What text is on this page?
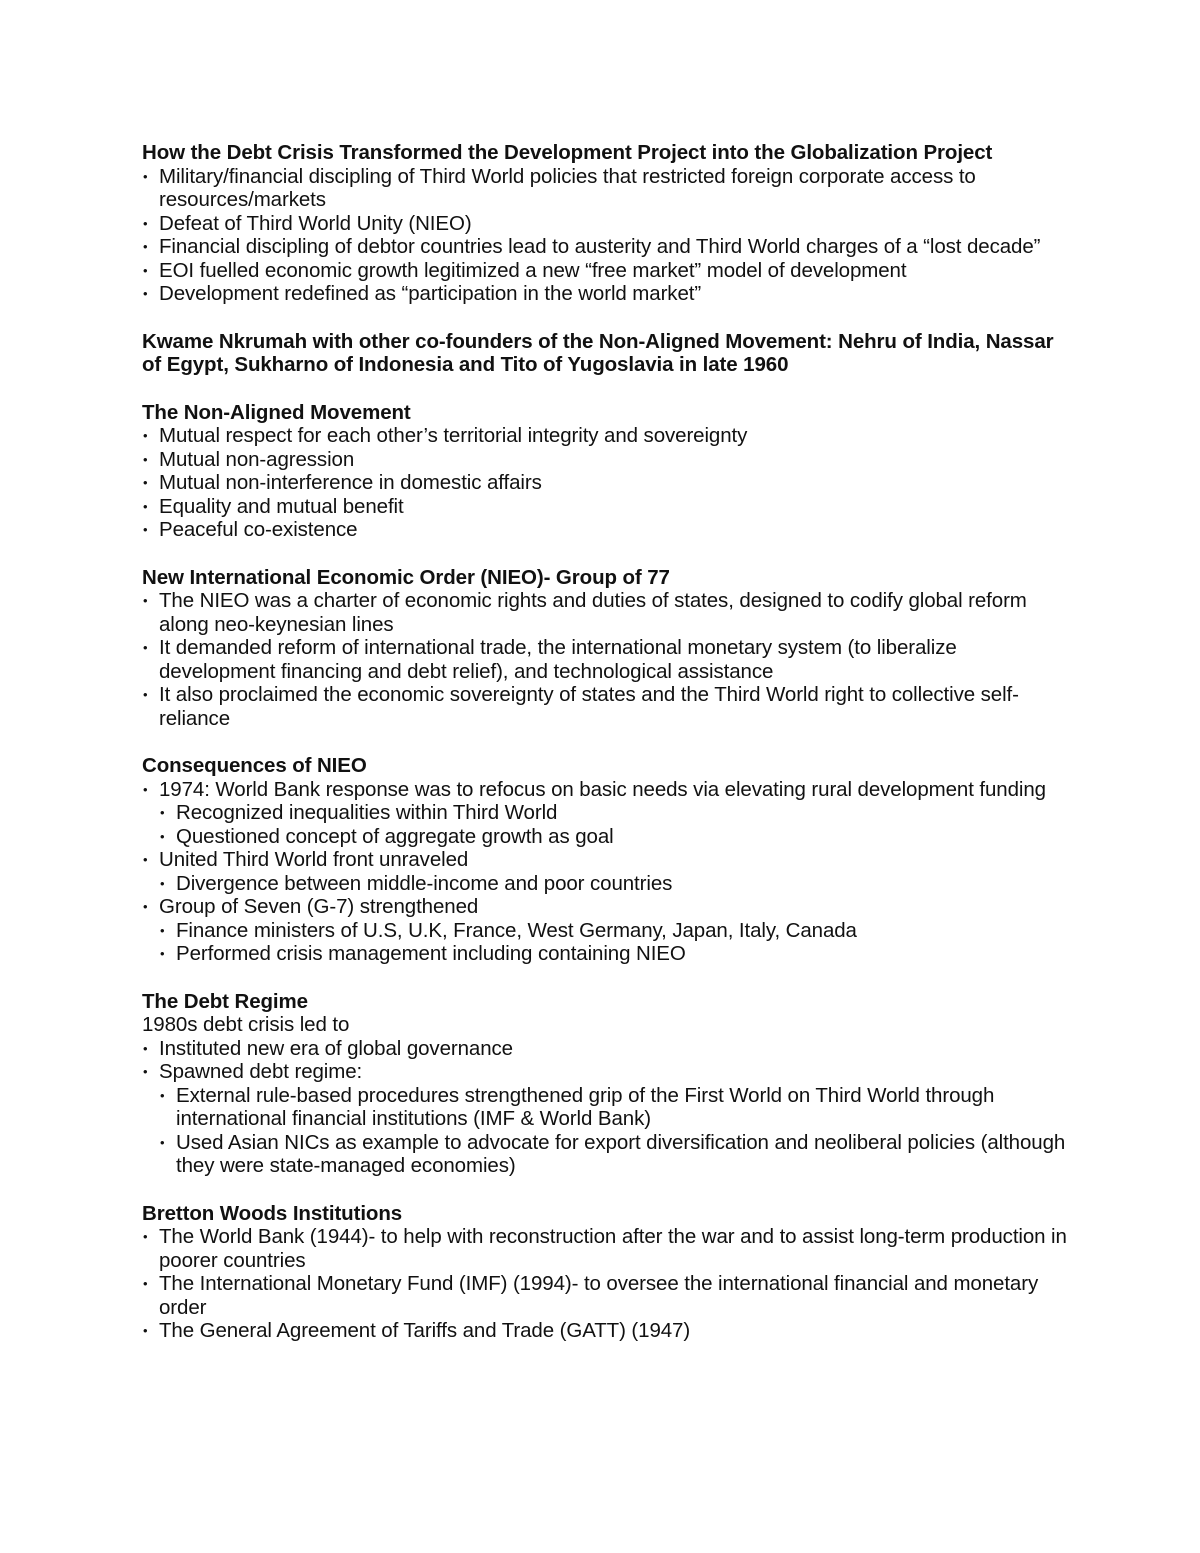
How the Debt Crisis Transformed the Development Project into the Globalization Project

• Military/financial discipling of Third World policies that restricted foreign corporate access to resources/markets
• Defeat of Third World Unity (NIEO)
• Financial discipling of debtor countries lead to austerity and Third World charges of a “lost decade”
• EOI fuelled economic growth legitimized a new “free market” model of development
• Development redefined as “participation in the world market”

Kwame Nkrumah with other co-founders of the Non-Aligned Movement: Nehru of India, Nassar of Egypt, Sukharno of Indonesia and Tito of Yugoslavia in late 1960

The Non-Aligned Movement

• Mutual respect for each other’s territorial integrity and sovereignty
• Mutual non-agression
• Mutual non-interference in domestic affairs
• Equality and mutual benefit
• Peaceful co-existence

New International Economic Order (NIEO)- Group of 77

• The NIEO was a charter of economic rights and duties of states, designed to codify global reform along neo-keynesian lines
• It demanded reform of international trade, the international monetary system (to liberalize development financing and debt relief), and technological assistance
• It also proclaimed the economic sovereignty of states and the Third World right to collective self-reliance

Consequences of NIEO

• 1974: World Bank response was to refocus on basic needs via elevating rural development funding
• Recognized inequalities within Third World
• Questioned concept of aggregate growth as goal
• United Third World front unraveled
• Divergence between middle-income and poor countries
• Group of Seven (G-7) strengthened
• Finance ministers of U.S, U.K, France, West Germany, Japan, Italy, Canada
• Performed crisis management including containing NIEO

The Debt Regime

1980s debt crisis led to

• Instituted new era of global governance
• Spawned debt regime:
• External rule-based procedures strengthened grip of the First World on Third World through international financial institutions (IMF & World Bank)
• Used Asian NICs as example to advocate for export diversification and neoliberal policies (although they were state-managed economies)

Bretton Woods Institutions

• The World Bank (1944)- to help with reconstruction after the war and to assist long-term production in poorer countries
• The International Monetary Fund (IMF) (1994)- to oversee the international financial and monetary order
• The General Agreement of Tariffs and Trade (GATT) (1947)
